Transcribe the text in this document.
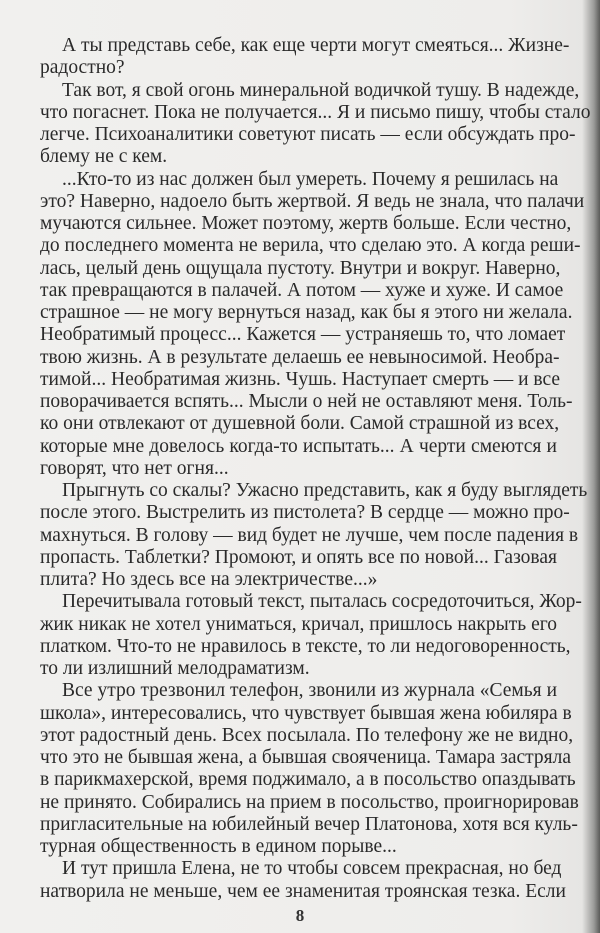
А ты представь себе, как еще черти могут смеяться... Жизне-
радостно?
Так вот, я свой огонь минеральной водичкой тушу. В надежде,
что погаснет. Пока не получается... Я и письмо пишу, чтобы стало
легче. Психоаналитики советуют писать — если обсуждать про-
блему не с кем.
...Кто-то из нас должен был умереть. Почему я решилась на
это? Наверно, надоело быть жертвой. Я ведь не знала, что палачи
мучаются сильнее. Может поэтому, жертв больше. Если честно,
до последнего момента не верила, что сделаю это. А когда реши-
лась, целый день ощущала пустоту. Внутри и вокруг. Наверно,
так превращаются в палачей. А потом — хуже и хуже. И самое
страшное — не могу вернуться назад, как бы я этого ни желала.
Необратимый процесс... Кажется — устраняешь то, что ломает
твою жизнь. А в результате делаешь ее невыносимой. Необра-
тимой... Необратимая жизнь. Чушь. Наступает смерть — и все
поворачивается вспять... Мысли о ней не оставляют меня. Толь-
ко они отвлекают от душевной боли. Самой страшной из всех,
которые мне довелось когда-то испытать... А черти смеются и
говорят, что нет огня...
Прыгнуть со скалы? Ужасно представить, как я буду выглядеть
после этого. Выстрелить из пистолета? В сердце — можно про-
махнуться. В голову — вид будет не лучше, чем после падения в
пропасть. Таблетки? Промоют, и опять все по новой... Газовая
плита? Но здесь все на электричестве...»
Перечитывала готовый текст, пыталась сосредоточиться, Жор-
жик никак не хотел униматься, кричал, пришлось накрыть его
платком. Что-то не нравилось в тексте, то ли недоговоренность,
то ли излишний мелодраматизм.
Все утро трезвонил телефон, звонили из журнала «Семья и
школа», интересовались, что чувствует бывшая жена юбиляра в
этот радостный день. Всех посылала. По телефону же не видно,
что это не бывшая жена, а бывшая свояченица. Тамара застряла
в парикмахерской, время поджимало, а в посольство опаздывать
не принято. Собирались на прием в посольство, проигнорировав
пригласительные на юбилейный вечер Платонова, хотя вся куль-
турная общественность в едином порыве...
И тут пришла Елена, не то чтобы совсем прекрасная, но бед
натворила не меньше, чем ее знаменитая троянская тезка. Если
8
